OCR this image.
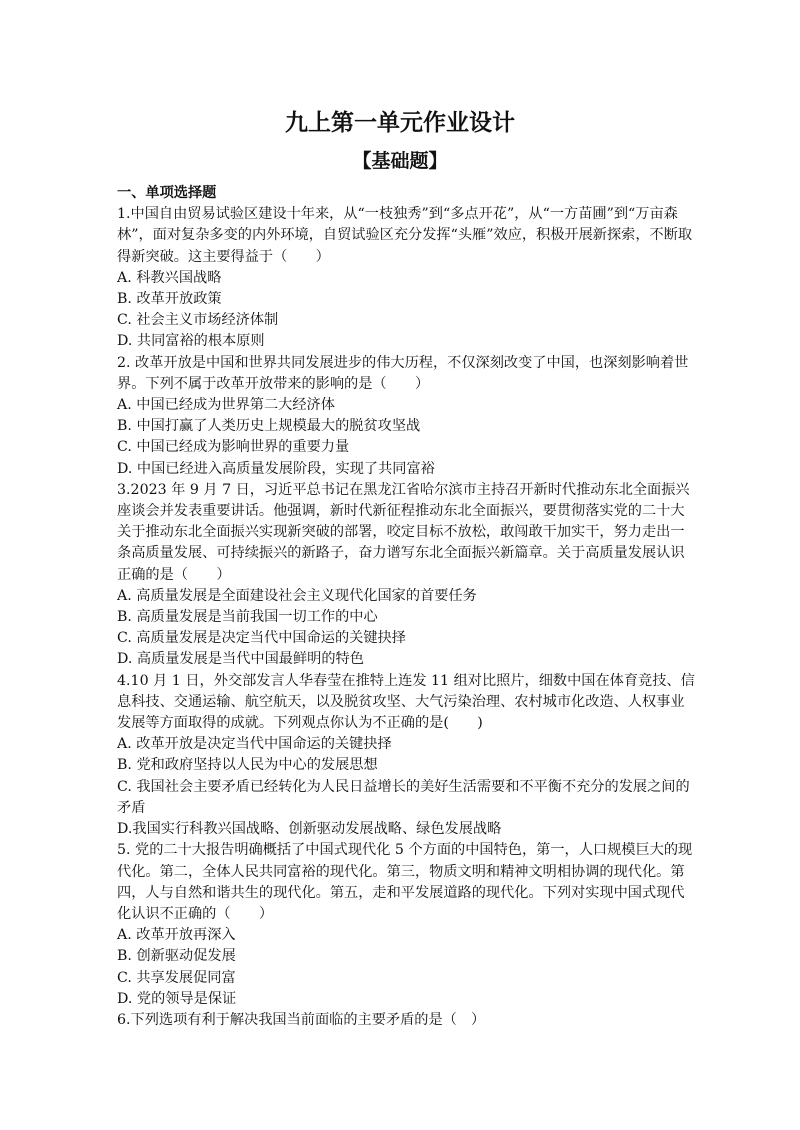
九上第一单元作业设计
【基础题】
一、单项选择题

1.中国自由贸易试验区建设十年来，从“一枝独秀”到“多点开花”，从“一方苗圃”到“万亩森林”，面对复杂多变的内外环境，自贸试验区充分发挥“头雁”效应，积极开展新探索，不断取得新突破。这主要得益于（　　）

A. 科教兴国战略

B. 改革开放政策

C. 社会主义市场经济体制

D. 共同富裕的根本原则

2. 改革开放是中国和世界共同发展进步的伟大历程，不仅深刻改变了中国，也深刻影响着世界。下列不属于改革开放带来的影响的是（　　）

A. 中国已经成为世界第二大经济体

B. 中国打赢了人类历史上规模最大的脱贫攻坚战

C. 中国已经成为影响世界的重要力量

D. 中国已经进入高质量发展阶段，实现了共同富裕

3.2023 年 9 月 7 日，习近平总书记在黑龙江省哈尔滨市主持召开新时代推动东北全面振兴座谈会并发表重要讲话。他强调，新时代新征程推动东北全面振兴，要贯彻落实党的二十大关于推动东北全面振兴实现新突破的部署，咬定目标不放松，敢闯敢干加实干，努力走出一条高质量发展、可持续振兴的新路子，奋力谱写东北全面振兴新篇章。关于高质量发展认识正确的是（　　）

A. 高质量发展是全面建设社会主义现代化国家的首要任务

B. 高质量发展是当前我国一切工作的中心

C. 高质量发展是决定当代中国命运的关键抉择

D. 高质量发展是当代中国最鲜明的特色

4.10 月 1 日，外交部发言人华春莹在推特上连发 11 组对比照片，细数中国在体育竞技、信息科技、交通运输、航空航天，以及脱贫攻坚、大气污染治理、农村城市化改造、人权事业发展等方面取得的成就。下列观点你认为不正确的是(　　)

A. 改革开放是决定当代中国命运的关键抉择

B. 党和政府坚持以人民为中心的发展思想

C. 我国社会主要矛盾已经转化为人民日益增长的美好生活需要和不平衡不充分的发展之间的矛盾

D.我国实行科教兴国战略、创新驱动发展战略、绿色发展战略

5. 党的二十大报告明确概括了中国式现代化 5 个方面的中国特色，第一，人口规模巨大的现代化。第二，全体人民共同富裕的现代化。第三，物质文明和精神文明相协调的现代化。第四，人与自然和谐共生的现代化。第五，走和平发展道路的现代化。下列对实现中国式现代化认识不正确的（　　）

A. 改革开放再深入

B. 创新驱动促发展

C. 共享发展促同富

D. 党的领导是保证

6.下列选项有利于解决我国当前面临的主要矛盾的是（　）
